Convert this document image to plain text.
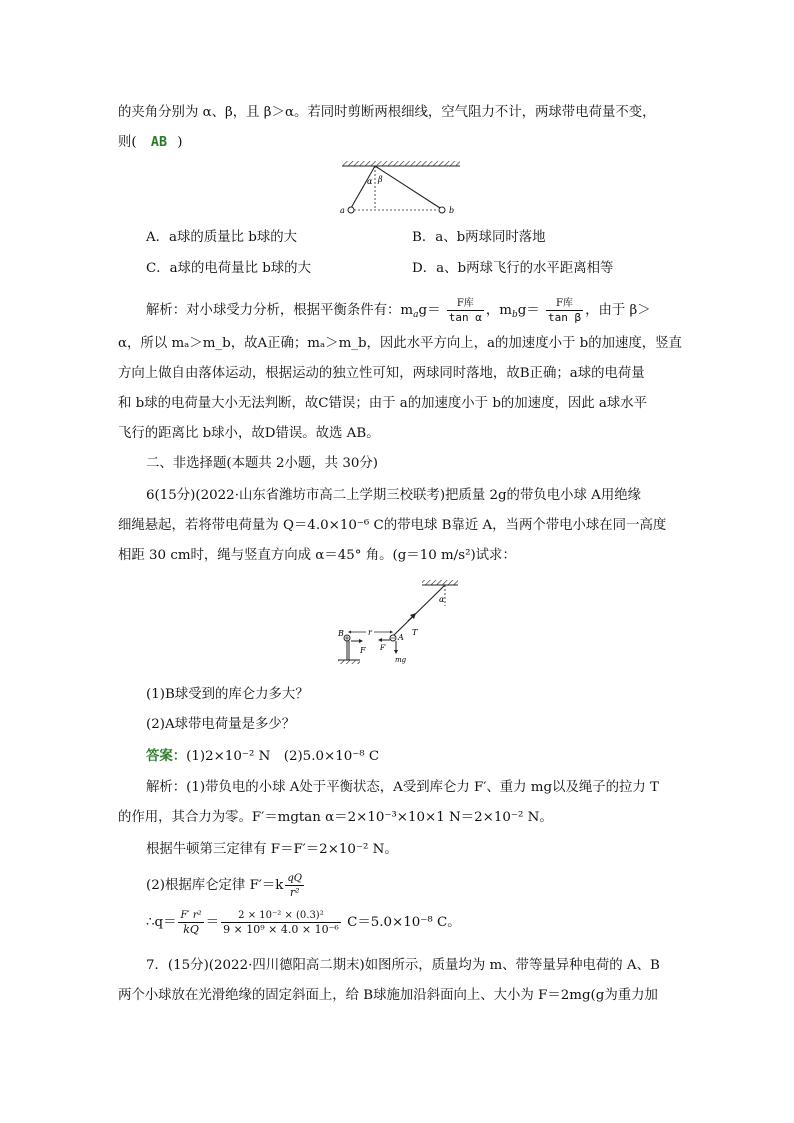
的夹角分别为 α、β，且 β＞α。若同时剪断两根细线，空气阻力不计，两球带电荷量不变，
则( AB )
α β
a	b
A．a球的质量比 b球的大	B．a、b两球同时落地
C．a球的电荷量比 b球的大	D．a、b两球飞行的水平距离相等
解析：对小球受力分析，根据平衡条件有：$m_ag= \frac{\text{F库}}{\text{tan α}}$ ，$m_bg= \frac{\text{F库}}{\text{tan β}}$ ，由于 β＞
α，所以 mₐ＞m_b，故A正确；mₐ＞m_b，因此水平方向上，a的加速度小于 b的加速度，竖直
方向上做自由落体运动，根据运动的独立性可知，两球同时落地，故B正确；a球的电荷量
和 b球的电荷量大小无法判断，故C错误；由于 a的加速度小于 b的加速度，因此 a球水平
飞行的距离比 b球小，故D错误。故选 AB。
二、非选择题(本题共 2小题，共 30分)
6(15分)(2022·山东省潍坊市高二上学期三校联考)把质量 2g的带负电小球 A用绝缘
细绳悬起，若将带电荷量为 Q＝4.0×10⁻⁶ C的带电球 B靠近 A，当两个带电小球在同一高度
相距 30 cm时，绳与竖直方向成 α＝45° 角。(g＝10 m/s²)试求：
α
T
A
mg
F′
B
F
r
(1)B球受到的库仑力多大？
(2)A球带电荷量是多少？
答案：(1)2×10⁻² N　(2)5.0×10⁻⁸ C
解析：(1)带负电的小球 A处于平衡状态，A受到库仑力 F′、重力 mg以及绳子的拉力 T
的作用，其合力为零。F′＝mgtan α＝2×10⁻³×10×1 N＝2×10⁻² N。
根据牛顿第三定律有 F＝F′＝2×10⁻² N。
(2)根据库仑定律 $F'=k \frac{qQ}{\text{r²}}$
∴q＝ $\frac{\text{F′ r²}}{kQ} = \frac{\text{2 × 10⁻² × (0.3)²}}{\text{9 × 10⁹ × 4.0 × 10⁻⁶}} C=5.0\times 10^{-8}$ C。
7．(15分)(2022·四川德阳高二期末)如图所示，质量均为 m、带等量异种电荷的 A、B
两个小球放在光滑绝缘的固定斜面上，给 B球施加沿斜面向上、大小为 F＝2mg(g为重力加
